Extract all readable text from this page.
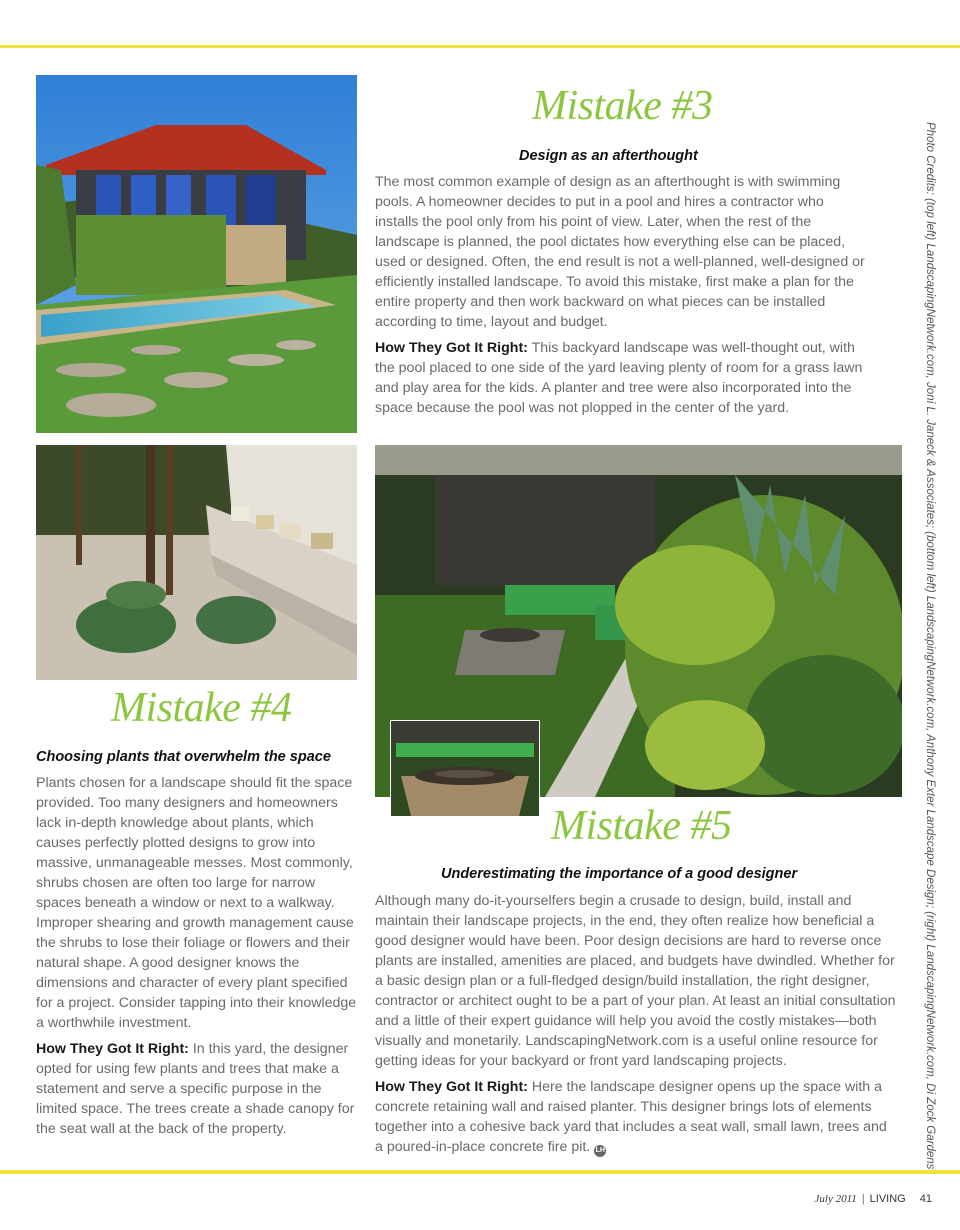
Mistake #3
Design as an afterthought

The most common example of design as an afterthought is with swimming pools. A homeowner decides to put in a pool and hires a contractor who installs the pool only from his point of view. Later, when the rest of the landscape is planned, the pool dictates how everything else can be placed, used or designed. Often, the end result is not a well-planned, well-designed or efficiently installed landscape. To avoid this mistake, first make a plan for the entire property and then work backward on what pieces can be installed according to time, layout and budget.

How They Got It Right: This backyard landscape was well-thought out, with the pool placed to one side of the yard leaving plenty of room for a grass lawn and play area for the kids. A planter and tree were also incorporated into the space because the pool was not plopped in the center of the yard.

Mistake #4
Choosing plants that overwhelm the space

Plants chosen for a landscape should fit the space provided. Too many designers and homeowners lack in-depth knowledge about plants, which causes perfectly plotted designs to grow into massive, unmanageable messes. Most commonly, shrubs chosen are often too large for narrow spaces beneath a window or next to a walkway. Improper shearing and growth management cause the shrubs to lose their foliage or flowers and their natural shape. A good designer knows the dimensions and character of every plant specified for a project. Consider tapping into their knowledge a worthwhile investment.

How They Got It Right: In this yard, the designer opted for using few plants and trees that make a statement and serve a specific purpose in the limited space. The trees create a shade canopy for the seat wall at the back of the property.

Mistake #5
Underestimating the importance of a good designer

Although many do-it-yourselfers begin a crusade to design, build, install and maintain their landscape projects, in the end, they often realize how beneficial a good designer would have been. Poor design decisions are hard to reverse once plants are installed, amenities are placed, and budgets have dwindled. Whether for a basic design plan or a full-fledged design/build installation, the right designer, contractor or architect ought to be a part of your plan. At least an initial consultation and a little of their expert guidance will help you avoid the costly mistakes—both visually and monetarily. LandscapingNetwork.com is a useful online resource for getting ideas for your backyard or front yard landscaping projects.

How They Got It Right: Here the landscape designer opens up the space with a concrete retaining wall and raised planter. This designer brings lots of elements together into a cohesive back yard that includes a seat wall, small lawn, trees and a poured-in-place concrete fire pit. LH	Photo Credits: (top left) LandscapingNetwork.com, Joni L. Janeck & Associates; (bottom left) LandscapingNetwork.com, Anthony Exter Landscape Design; (right) LandscapingNetwork.com, Di Zock Gardens
July 2011 | LIVING 41
